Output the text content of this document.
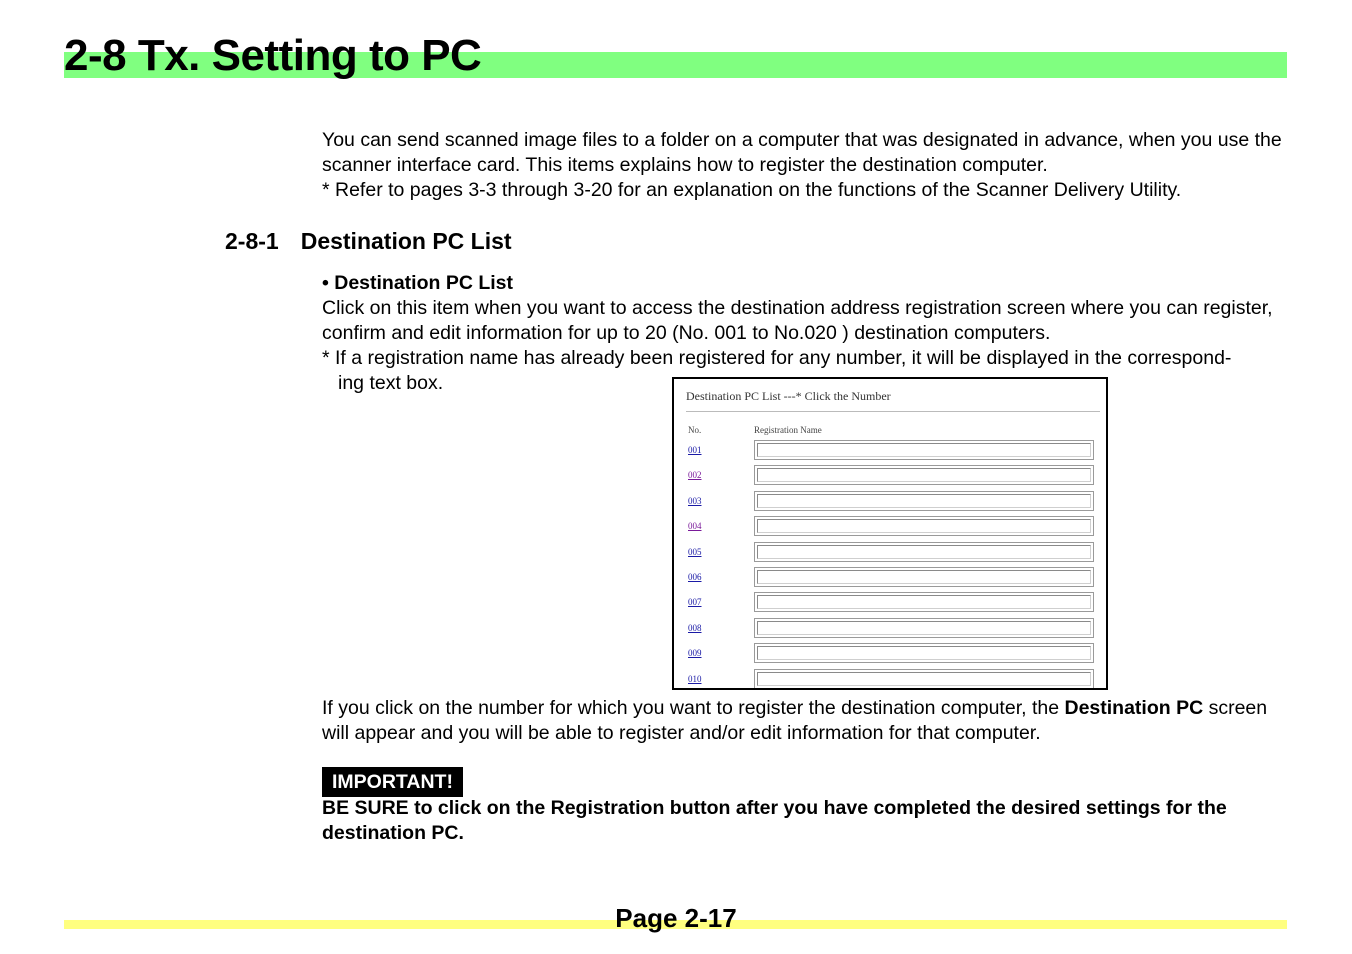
2-8 Tx. Setting to PC

You can send scanned image files to a folder on a computer that was designated in advance, when you use the scanner interface card. This items explains how to register the destination computer.

* Refer to pages 3-3 through 3-20 for an explanation on the functions of the Scanner Delivery Utility.

2-8-1 Destination PC List

• Destination PC List

Click on this item when you want to access the destination address registration screen where you can register, confirm and edit information for up to 20 (No. 001 to No.020 ) destination computers.

* If a registration name has already been registered for any number, it will be displayed in the correspond-

ing text box.

Destination PC List ---* Click the Number
No.	Registration Name
001
002
003
004
005
006
007
008
009
010

If you click on the number for which you want to register the destination computer, the Destination PC screen will appear and you will be able to register and/or edit information for that computer.

IMPORTANT!

BE SURE to click on the Registration button after you have completed the desired settings for the destination PC.

Page 2-17
